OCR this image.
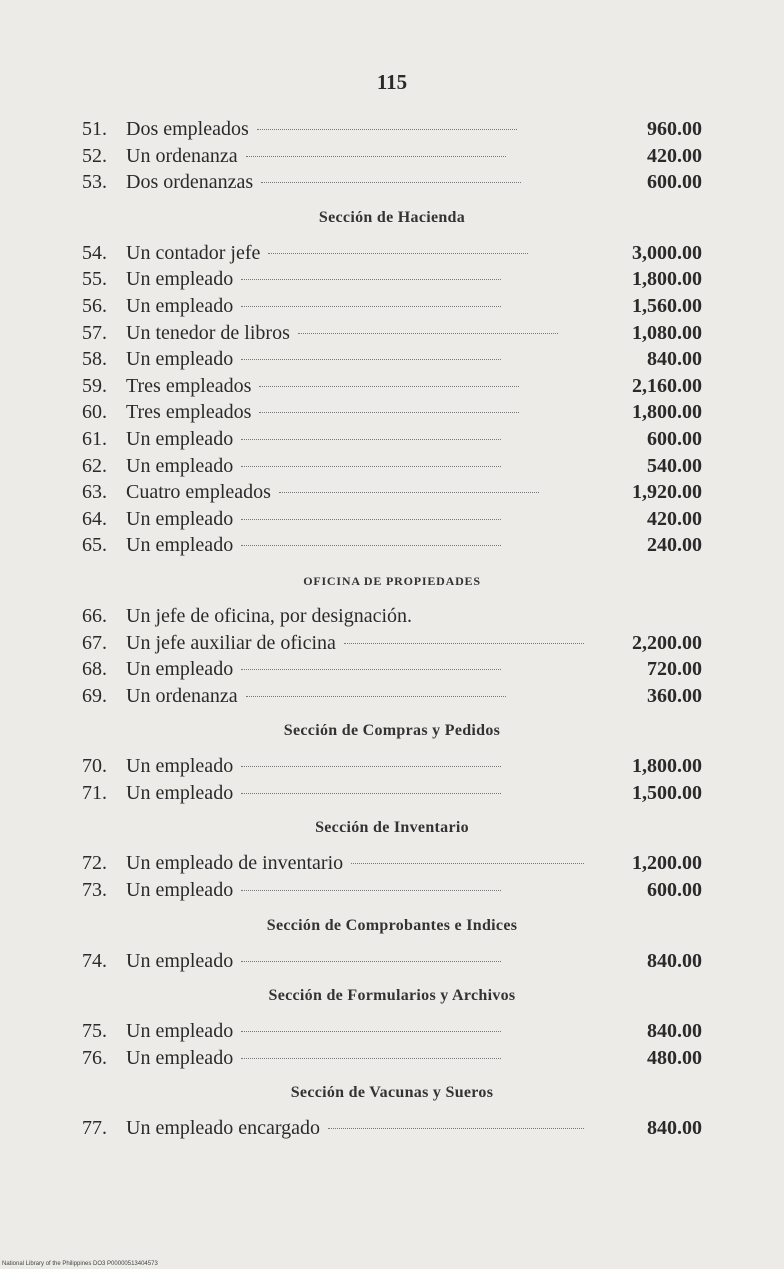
115
51. Dos empleados	960.00
52. Un ordenanza	420.00
53. Dos ordenanzas	600.00
Sección de Hacienda
54. Un contador jefe	3,000.00
55. Un empleado	1,800.00
56. Un empleado	1,560.00
57. Un tenedor de libros	1,080.00
58. Un empleado	840.00
59. Tres empleados	2,160.00
60. Tres empleados	1,800.00
61. Un empleado	600.00
62. Un empleado	540.00
63. Cuatro empleados	1,920.00
64. Un empleado	420.00
65. Un empleado	240.00
OFICINA DE PROPIEDADES
66. Un jefe de oficina, por designación.
67. Un jefe auxiliar de oficina	2,200.00
68. Un empleado	720.00
69. Un ordenanza	360.00
Sección de Compras y Pedidos
70. Un empleado	1,800.00
71. Un empleado	1,500.00
Sección de Inventario
72. Un empleado de inventario	1,200.00
73. Un empleado	600.00
Sección de Comprobantes e Indices
74. Un empleado	840.00
Sección de Formularios y Archivos
75. Un empleado	840.00
76. Un empleado	480.00
Sección de Vacunas y Sueros
77. Un empleado encargado	840.00
National Library of the Philippines DO3 P00000513404573
